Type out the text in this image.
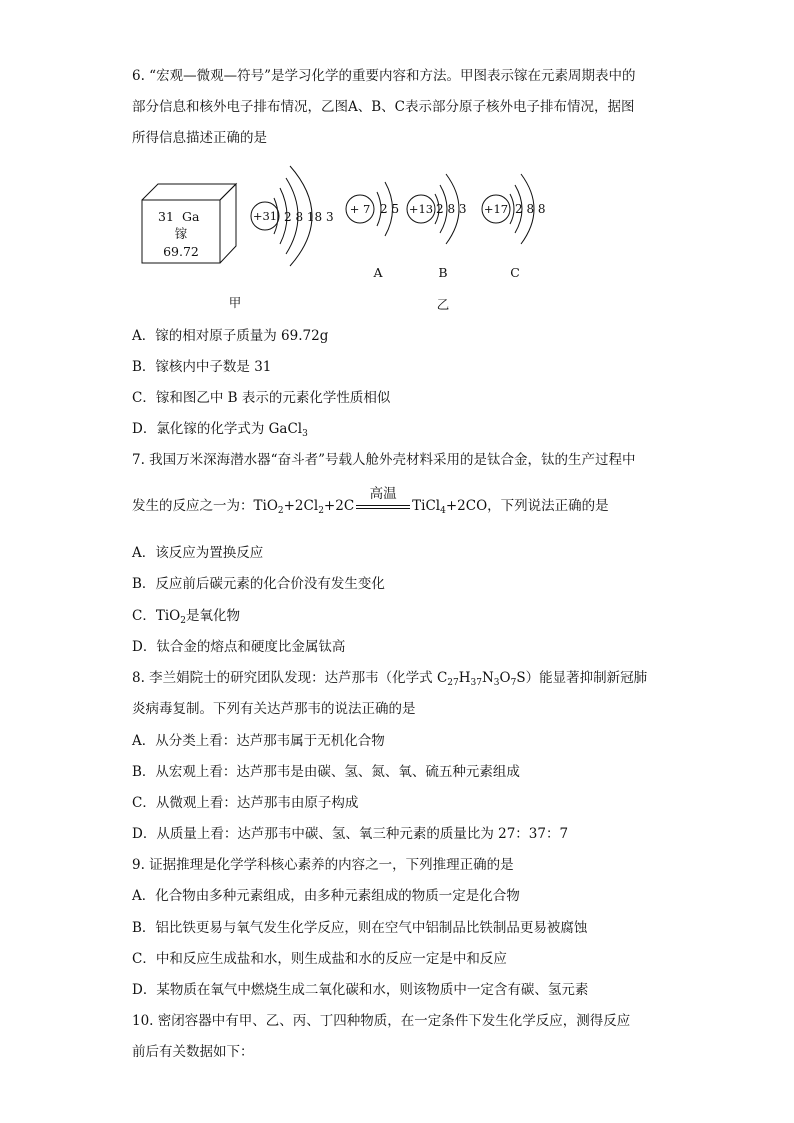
6. “宏观—微观—符号”是学习化学的重要内容和方法。甲图表示镓在元素周期表中的
部分信息和核外电子排布情况，乙图A、B、C表示部分原子核外电子排布情况，据图
所得信息描述正确的是
31 Ga
镓
69.72
+31 2 8 18 3
+ 7 2 5
A
+13 2 8 3
B
+17 2 8 8
C
甲	乙
A．镓的相对原子质量为 69.72g
B．镓核内中子数是 31
C．镓和图乙中 B 表示的元素化学性质相似
D．氯化镓的化学式为 GaCl$_3$
7. 我国万米深海潜水器“奋斗者”号载人舱外壳材料采用的是钛合金，钛的生产过程中
发生的反应之一为：$TiO_2+2Cl_2+2C$
高温
TiCl$_4$+2CO，下列说法正确的是
A．该反应为置换反应
B．反应前后碳元素的化合价没有发生变化
C．TiO$_2$是氧化物
D．钛合金的熔点和硬度比金属钛高
8. 李兰娟院士的研究团队发现：达芦那韦（化学式 $C_{27}H_{37}N_3O_7S$）能显著抑制新冠肺
炎病毒复制。下列有关达芦那韦的说法正确的是
A．从分类上看：达芦那韦属于无机化合物
B．从宏观上看：达芦那韦是由碳、氢、氮、氧、硫五种元素组成
C．从微观上看：达芦那韦由原子构成
D．从质量上看：达芦那韦中碳、氢、氧三种元素的质量比为 27：37：7
9. 证据推理是化学学科核心素养的内容之一，下列推理正确的是
A．化合物由多种元素组成，由多种元素组成的物质一定是化合物
B．铝比铁更易与氧气发生化学反应，则在空气中铝制品比铁制品更易被腐蚀
C．中和反应生成盐和水，则生成盐和水的反应一定是中和反应
D．某物质在氧气中燃烧生成二氧化碳和水，则该物质中一定含有碳、氢元素
10. 密闭容器中有甲、乙、丙、丁四种物质，在一定条件下发生化学反应，测得反应
前后有关数据如下：
